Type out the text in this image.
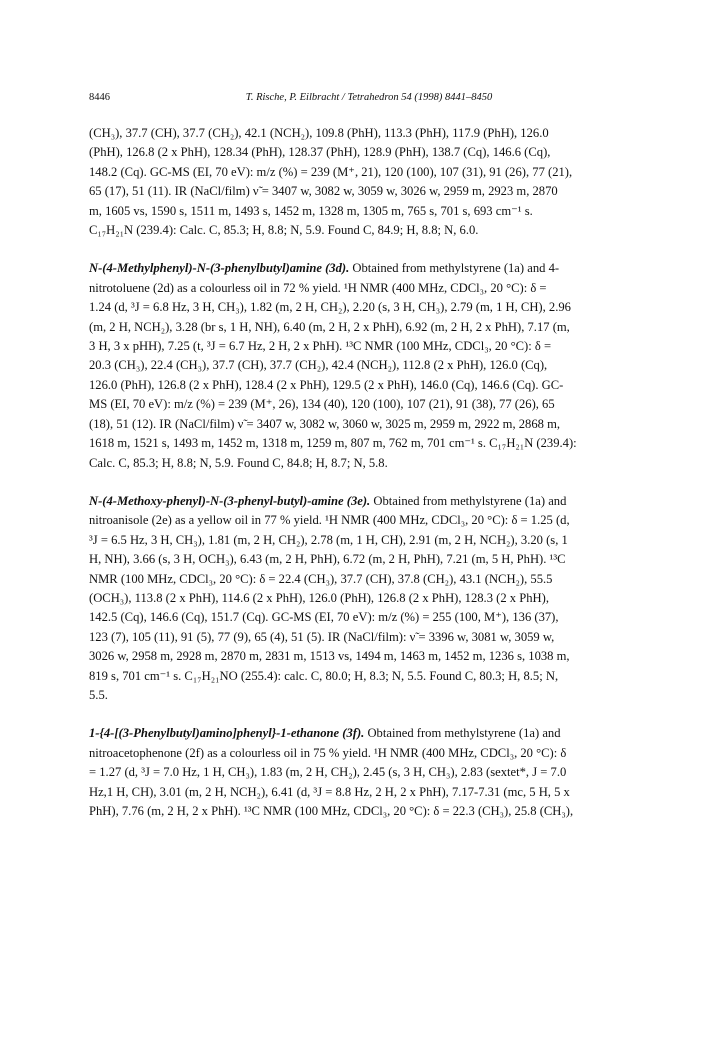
8446	T. Rische, P. Eilbracht / Tetrahedron 54 (1998) 8441–8450

(CH₃), 37.7 (CH), 37.7 (CH₂), 42.1 (NCH₂), 109.8 (PhH), 113.3 (PhH), 117.9 (PhH), 126.0
(PhH), 126.8 (2 x PhH), 128.34 (PhH), 128.37 (PhH), 128.9 (PhH), 138.7 (Cq), 146.6 (Cq),
148.2 (Cq). GC-MS (EI, 70 eV): m/z (%) = 239 (M⁺, 21), 120 (100), 107 (31), 91 (26), 77 (21),
65 (17), 51 (11). IR (NaCl/film) ν̃ = 3407 w, 3082 w, 3059 w, 3026 w, 2959 m, 2923 m, 2870
m, 1605 vs, 1590 s, 1511 m, 1493 s, 1452 m, 1328 m, 1305 m, 765 s, 701 s, 693 cm⁻¹ s.
C₁₇H₂₁N (239.4): Calc. C, 85.3; H, 8.8; N, 5.9. Found C, 84.9; H, 8.8; N, 6.0.

N-(4-Methylphenyl)-N-(3-phenylbutyl)amine (3d). Obtained from methylstyrene (1a) and 4-
nitrotoluene (2d) as a colourless oil in 72 % yield. ¹H NMR (400 MHz, CDCl₃, 20 °C): δ =
1.24 (d, ³J = 6.8 Hz, 3 H, CH₃), 1.82 (m, 2 H, CH₂), 2.20 (s, 3 H, CH₃), 2.79 (m, 1 H, CH), 2.96
(m, 2 H, NCH₂), 3.28 (br s, 1 H, NH), 6.40 (m, 2 H, 2 x PhH), 6.92 (m, 2 H, 2 x PhH), 7.17 (m,
3 H, 3 x pHH), 7.25 (t, ³J = 6.7 Hz, 2 H, 2 x PhH). ¹³C NMR (100 MHz, CDCl₃, 20 °C): δ =
20.3 (CH₃), 22.4 (CH₃), 37.7 (CH), 37.7 (CH₂), 42.4 (NCH₂), 112.8 (2 x PhH), 126.0 (Cq),
126.0 (PhH), 126.8 (2 x PhH), 128.4 (2 x PhH), 129.5 (2 x PhH), 146.0 (Cq), 146.6 (Cq). GC-
MS (EI, 70 eV): m/z (%) = 239 (M⁺, 26), 134 (40), 120 (100), 107 (21), 91 (38), 77 (26), 65
(18), 51 (12). IR (NaCl/film) ν̃ = 3407 w, 3082 w, 3060 w, 3025 m, 2959 m, 2922 m, 2868 m,
1618 m, 1521 s, 1493 m, 1452 m, 1318 m, 1259 m, 807 m, 762 m, 701 cm⁻¹ s. C₁₇H₂₁N (239.4):
Calc. C, 85.3; H, 8.8; N, 5.9. Found C, 84.8; H, 8.7; N, 5.8.

N-(4-Methoxy-phenyl)-N-(3-phenyl-butyl)-amine (3e). Obtained from methylstyrene (1a) and
nitroanisole (2e) as a yellow oil in 77 % yield. ¹H NMR (400 MHz, CDCl₃, 20 °C): δ = 1.25 (d,
³J = 6.5 Hz, 3 H, CH₃), 1.81 (m, 2 H, CH₂), 2.78 (m, 1 H, CH), 2.91 (m, 2 H, NCH₂), 3.20 (s, 1
H, NH), 3.66 (s, 3 H, OCH₃), 6.43 (m, 2 H, PhH), 6.72 (m, 2 H, PhH), 7.21 (m, 5 H, PhH). ¹³C
NMR (100 MHz, CDCl₃, 20 °C): δ = 22.4 (CH₃), 37.7 (CH), 37.8 (CH₂), 43.1 (NCH₂), 55.5
(OCH₃), 113.8 (2 x PhH), 114.6 (2 x PhH), 126.0 (PhH), 126.8 (2 x PhH), 128.3 (2 x PhH),
142.5 (Cq), 146.6 (Cq), 151.7 (Cq). GC-MS (EI, 70 eV): m/z (%) = 255 (100, M⁺), 136 (37),
123 (7), 105 (11), 91 (5), 77 (9), 65 (4), 51 (5). IR (NaCl/film): ν̃ = 3396 w, 3081 w, 3059 w,
3026 w, 2958 m, 2928 m, 2870 m, 2831 m, 1513 vs, 1494 m, 1463 m, 1452 m, 1236 s, 1038 m,
819 s, 701 cm⁻¹ s. C₁₇H₂₁NO (255.4): calc. C, 80.0; H, 8.3; N, 5.5. Found C, 80.3; H, 8.5; N,
5.5.

1-{4-[(3-Phenylbutyl)amino]phenyl}-1-ethanone (3f). Obtained from methylstyrene (1a) and
nitroacetophenone (2f) as a colourless oil in 75 % yield. ¹H NMR (400 MHz, CDCl₃, 20 °C): δ
= 1.27 (d, ³J = 7.0 Hz, 1 H, CH₃), 1.83 (m, 2 H, CH₂), 2.45 (s, 3 H, CH₃), 2.83 (sextet*, J = 7.0
Hz,1 H, CH), 3.01 (m, 2 H, NCH₂), 6.41 (d, ³J = 8.8 Hz, 2 H, 2 x PhH), 7.17-7.31 (mc, 5 H, 5 x
PhH), 7.76 (m, 2 H, 2 x PhH). ¹³C NMR (100 MHz, CDCl₃, 20 °C): δ = 22.3 (CH₃), 25.8 (CH₃),
